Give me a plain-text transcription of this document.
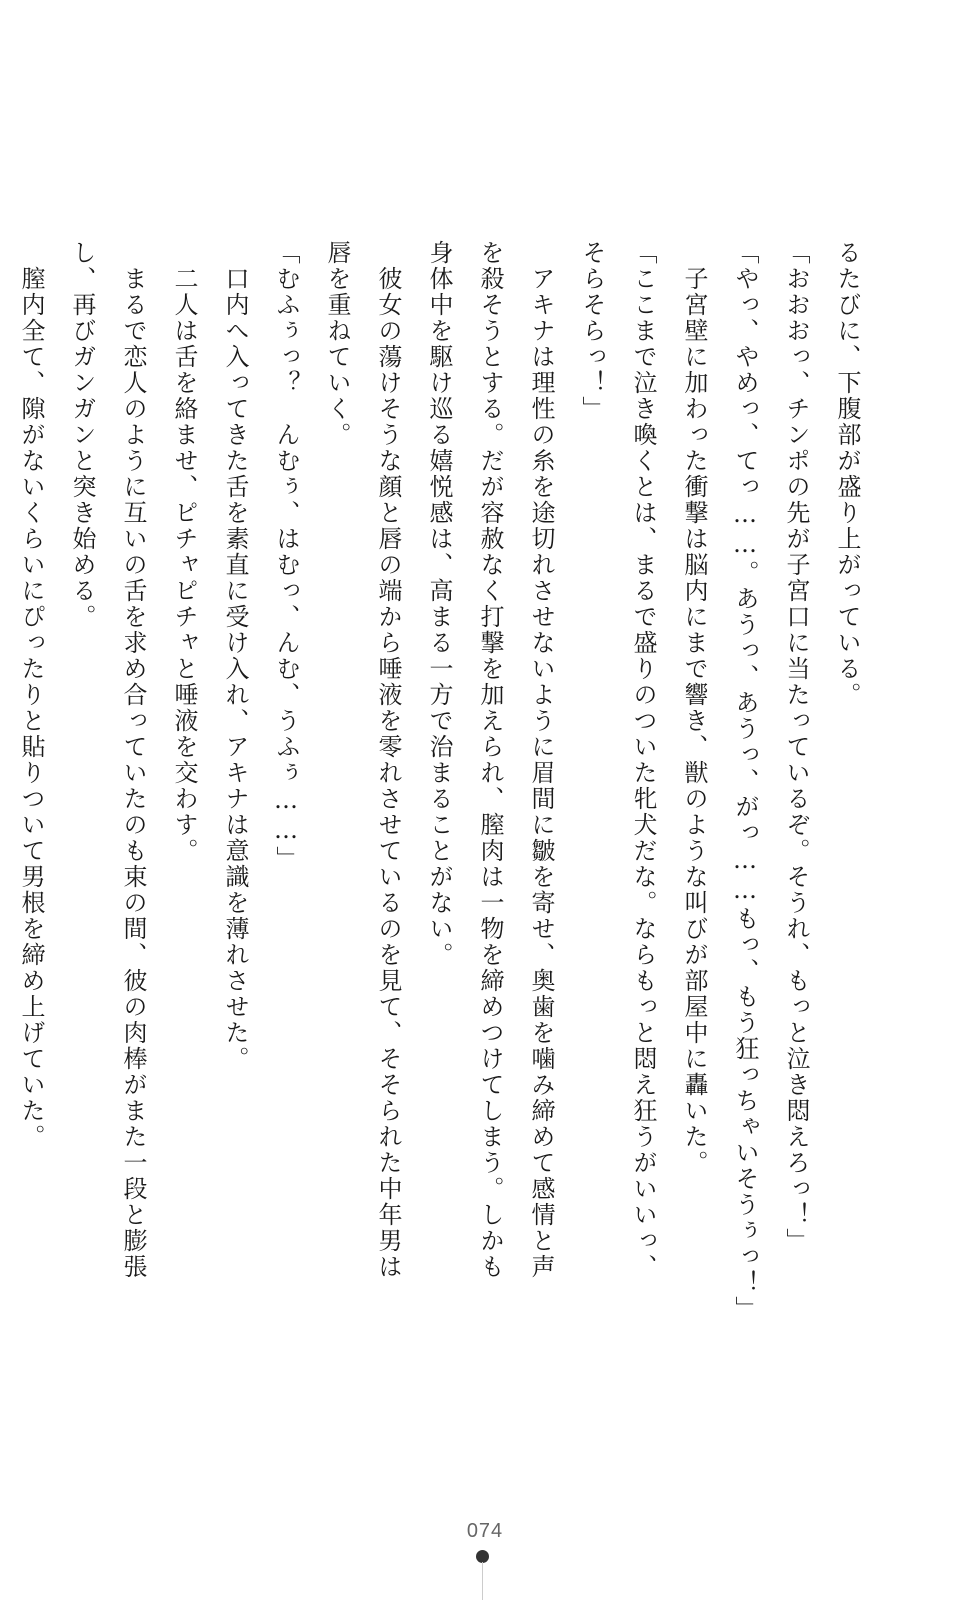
るたびに、下腹部が盛り上がっている。
「おおおっ、チンポの先が子宮口に当たっているぞ。そうれ、もっと泣き悶えろっ！」
「やっ、やめっ、てっ……。あうっ、あうっ、がっ……もっ、もう狂っちゃいそうぅっ！」
　子宮壁に加わった衝撃は脳内にまで響き、獣のような叫びが部屋中に轟いた。
「ここまで泣き喚くとは、まるで盛りのついた牝犬だな。ならもっと悶え狂うがいいっ、
そらそらっ！」
　アキナは理性の糸を途切れさせないように眉間に皺を寄せ、奥歯を噛み締めて感情と声
を殺そうとする。だが容赦なく打撃を加えられ、膣肉は一物を締めつけてしまう。しかも
身体中を駆け巡る嬉悦感は、高まる一方で治まることがない。
　彼女の蕩けそうな顔と唇の端から唾液を零れさせているのを見て、そそられた中年男は
唇を重ねていく。
「むふぅっ？　んむぅ、はむっ、んむ、うふぅ……」
　口内へ入ってきた舌を素直に受け入れ、アキナは意識を薄れさせた。
　二人は舌を絡ませ、ピチャピチャと唾液を交わす。
　まるで恋人のように互いの舌を求め合っていたのも束の間、彼の肉棒がまた一段と膨張
し、再びガンガンと突き始める。
　膣内全て、隙がないくらいにぴったりと貼りついて男根を締め上げていた。
074
